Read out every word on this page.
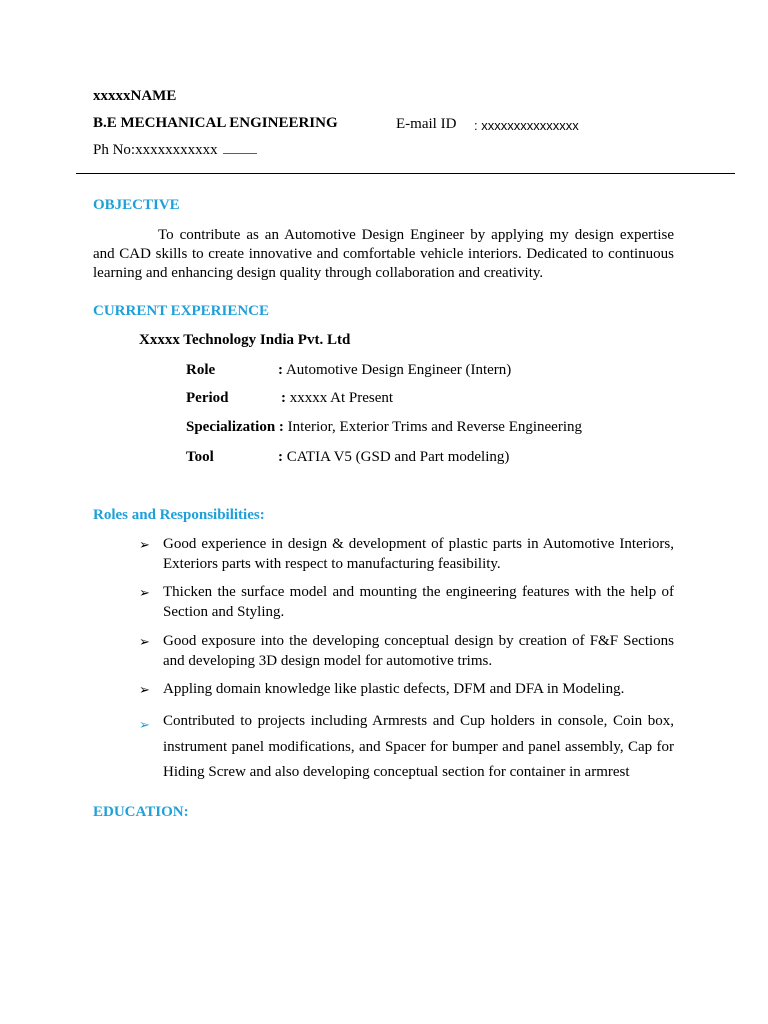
xxxxxNAME
B.E MECHANICAL ENGINEERING	E-mail ID : xxxxxxxxxxxxxxx
Ph No:xxxxxxxxxxx
OBJECTIVE
To contribute as an Automotive Design Engineer by applying my design expertise and CAD skills to create innovative and comfortable vehicle interiors. Dedicated to continuous learning and enhancing design quality through collaboration and creativity.
CURRENT EXPERIENCE
Xxxxx Technology India Pvt. Ltd
Role	: Automotive Design Engineer (Intern)
Period	: xxxxx At Present
Specialization : Interior, Exterior Trims and Reverse Engineering
Tool	: CATIA V5 (GSD and Part modeling)
Roles and Responsibilities:
➢ Good experience in design & development of plastic parts in Automotive Interiors, Exteriors parts with respect to manufacturing feasibility.
➢ Thicken the surface model and mounting the engineering features with the help of Section and Styling.
➢ Good exposure into the developing conceptual design by creation of F&F Sections and developing 3D design model for automotive trims.
➢ Appling domain knowledge like plastic defects, DFM and DFA in Modeling.
➢ Contributed to projects including Armrests and Cup holders in console, Coin box, instrument panel modifications, and Spacer for bumper and panel assembly, Cap for Hiding Screw and also developing conceptual section for container in armrest
EDUCATION:
